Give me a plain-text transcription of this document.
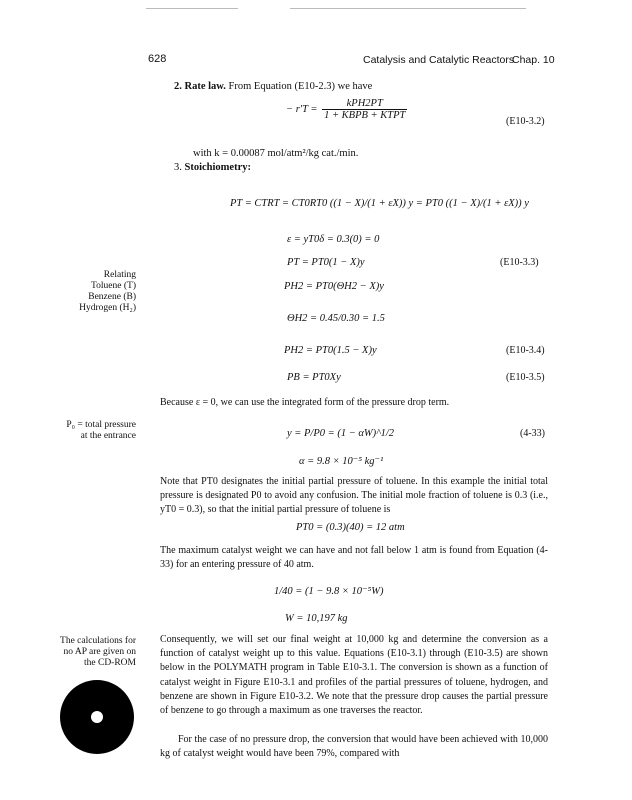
628	Catalysis and Catalytic Reactors
Chap. 10
2. Rate law. From Equation (E10-2.3) we have
− $r'T = \frac{\text{kPH2PT}}{\text{1 + KBPB + KTPT}}$
(E10-3.2)
with k = 0.00087 mol/atm²/kg cat./min.
3. Stoichiometry:
PT = CTRT = CT0RT0 ((1 − X)/(1 + εX)) y = PT0 ((1 − X)/(1 + εX)) y
ε = yT0δ = 0.3(0) = 0
PT = PT0(1 − X)y	(E10-3.3)
PH2 = PT0(ΘH2 − X)y
ΘH2 = 0.45/0.30 = 1.5
PH2 = PT0(1.5 − X)y	(E10-3.4)
PB = PT0Xy	(E10-3.5)
Relating
Toluene (T)
Benzene (B)
Hydrogen (H₂)
Because ε = 0, we can use the integrated form of the pressure drop term.
P₀ = total pressure
at the entrance	y = P/P0 = (1 − αW)^1/2	(4-33)
α = 9.8 × 10⁻⁵ kg⁻¹
Note that PT0 designates the initial partial pressure of toluene. In this example the initial total pressure is designated P0 to avoid any confusion. The initial mole fraction of toluene is 0.3 (i.e., yT0 = 0.3), so that the initial partial pressure of toluene is
PT0 = (0.3)(40) = 12 atm
The maximum catalyst weight we can have and not fall below 1 atm is found from Equation (4-33) for an entering pressure of 40 atm.
1/40 = (1 − 9.8 × 10⁻⁵W)
W = 10,197 kg
Consequently, we will set our final weight at 10,000 kg and determine the conversion as a function of catalyst weight up to this value. Equations (E10-3.1) through (E10-3.5) are shown below in the POLYMATH program in Table E10-3.1. The conversion is shown as a function of catalyst weight in Figure E10-3.1 and profiles of the partial pressures of toluene, hydrogen, and benzene are shown in Figure E10-3.2. We note that the pressure drop causes the partial pressure of benzene to go through a maximum as one traverses the reactor.
For the case of no pressure drop, the conversion that would have been achieved with 10,000 kg of catalyst weight would have been 79%, compared with
The calculations for
no AP are given on
the CD-ROM
